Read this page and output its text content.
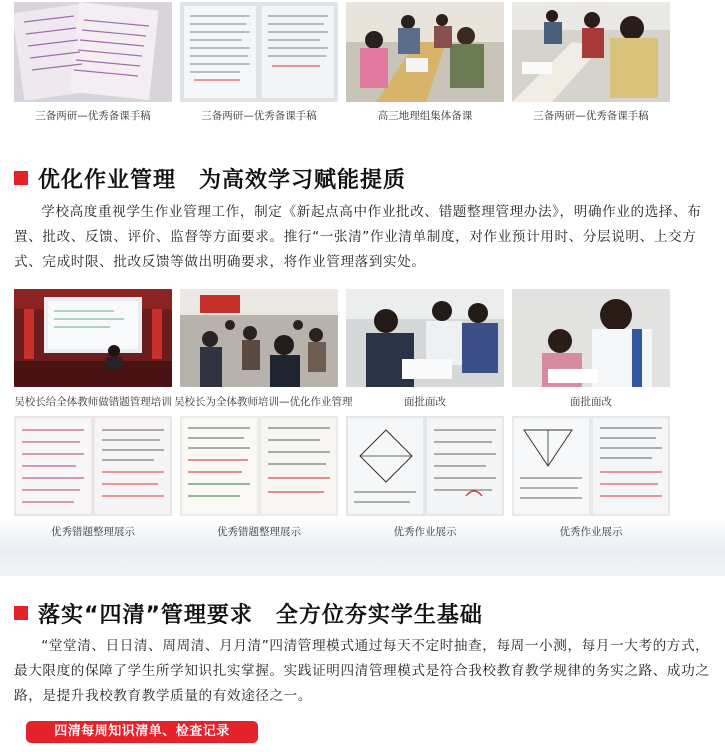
三备两研—优秀备课手稿	三备两研—优秀备课手稿	高三地理组集体备课	三备两研—优秀备课手稿
优化作业管理　为高效学习赋能提质
学校高度重视学生作业管理工作，制定《新起点高中作业批改、错题整理管理办法》，明确作业的选择、布置、批改、反馈、评价、监督等方面要求。推行“一张清”作业清单制度，对作业预计用时、分层说明、上交方式、完成时限、批改反馈等做出明确要求，将作业管理落到实处。
吴校长给全体教师做错题管理培训 吴校长为全体教师培训—优化作业管理	面批面改	面批面改
优秀错题整理展示	优秀错题整理展示	优秀作业展示	优秀作业展示
落实“四清”管理要求　全方位夯实学生基础
“堂堂清、日日清、周周清、月月清”四清管理模式通过每天不定时抽查，每周一小测，每月一大考的方式，最大限度的保障了学生所学知识扎实掌握。实践证明四清管理模式是符合我校教育教学规律的务实之路、成功之路，是提升我校教育教学质量的有效途径之一。
四清每周知识清单、检查记录
